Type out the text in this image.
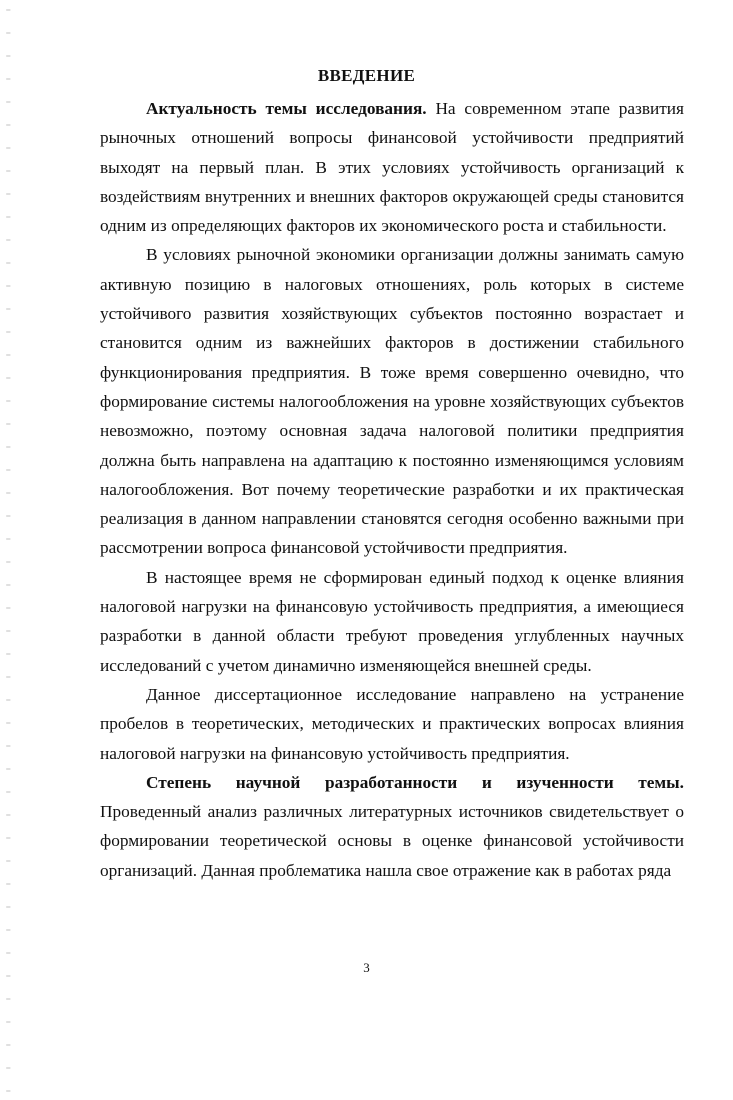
ВВЕДЕНИЕ

Актуальность темы исследования. На современном этапе развития рыночных отношений вопросы финансовой устойчивости предприятий выходят на первый план. В этих условиях устойчивость организаций к воздействиям внутренних и внешних факторов окружающей среды становится одним из определяющих факторов их экономического роста и стабильности.

В условиях рыночной экономики организации должны занимать самую активную позицию в налоговых отношениях, роль которых в системе устойчивого развития хозяйствующих субъектов постоянно возрастает и становится одним из важнейших факторов в достижении стабильного функционирования предприятия. В тоже время совершенно очевидно, что формирование системы налогообложения на уровне хозяйствующих субъектов невозможно, поэтому основная задача налоговой политики предприятия должна быть направлена на адаптацию к постоянно изменяющимся условиям налогообложения. Вот почему теоретические разработки и их практическая реализация в данном направлении становятся сегодня особенно важными при рассмотрении вопроса финансовой устойчивости предприятия.

В настоящее время не сформирован единый подход к оценке влияния налоговой нагрузки на финансовую устойчивость предприятия, а имеющиеся разработки в данной области требуют проведения углубленных научных исследований с учетом динамично изменяющейся внешней среды.

Данное диссертационное исследование направлено на устранение пробелов в теоретических, методических и практических вопросах влияния налоговой нагрузки на финансовую устойчивость предприятия.

Степень научной разработанности и изученности темы. Проведенный анализ различных литературных источников свидетельствует о формировании теоретической основы в оценке финансовой устойчивости организаций. Данная проблематика нашла свое отражение как в работах ряда

3
